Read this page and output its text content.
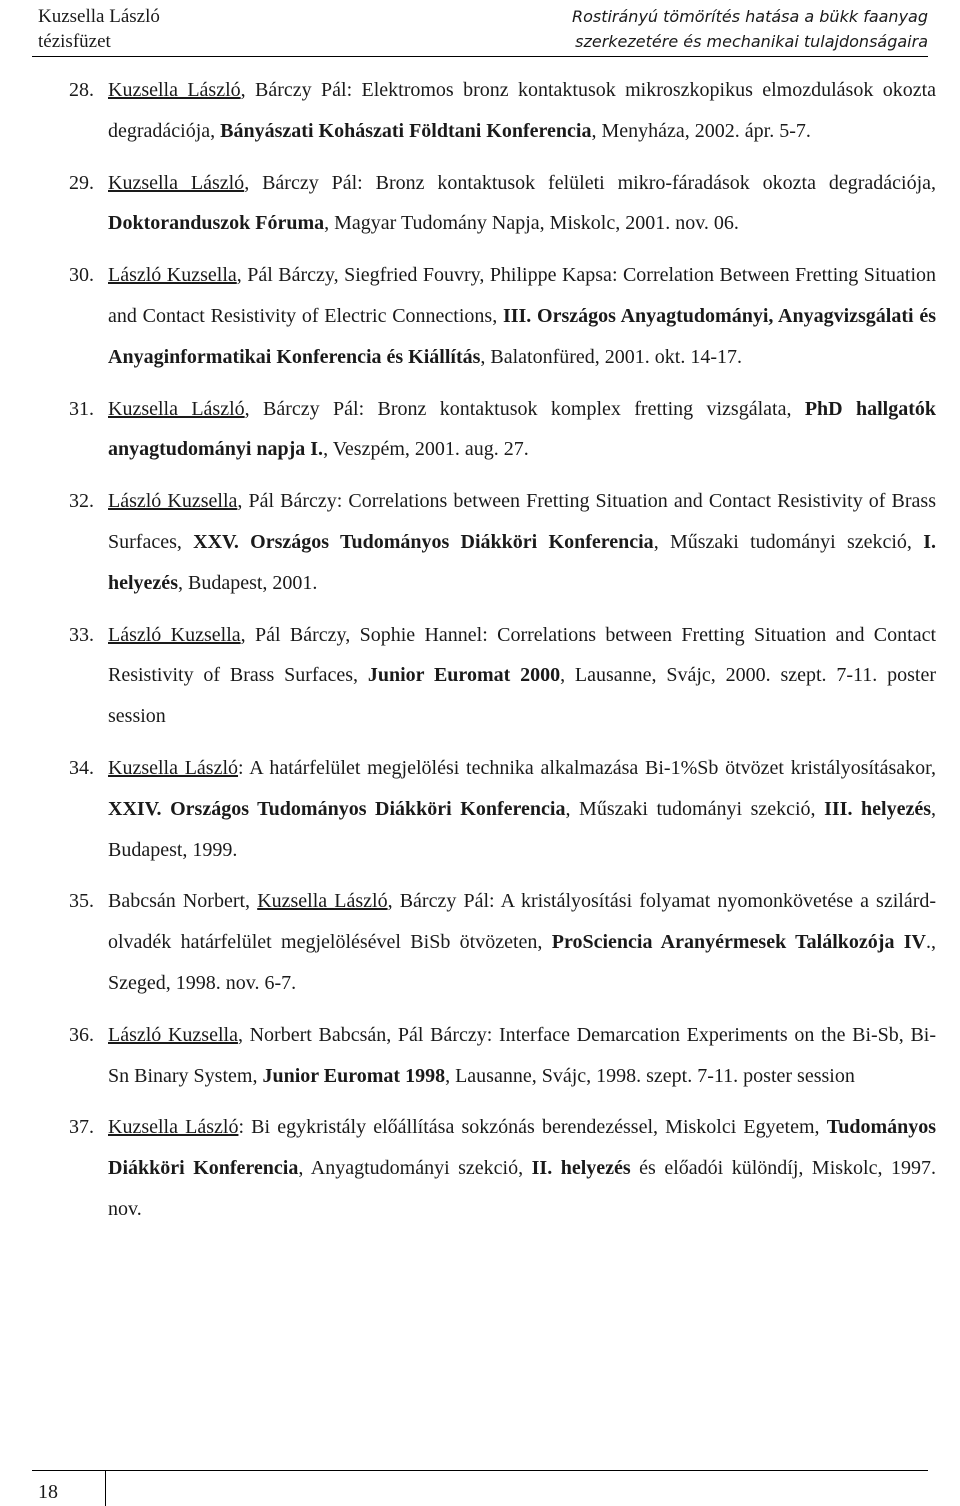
Kuzsella László
tézisfüzet
Rostirányú tömörítés hatása a bükk faanyag
szerkezetére és mechanikai tulajdonságaira
28. Kuzsella László, Bárczy Pál: Elektromos bronz kontaktusok mikroszkopikus elmozdulások okozta degradációja, Bányászati Kohászati Földtani Konferencia, Menyháza, 2002. ápr. 5-7.
29. Kuzsella László, Bárczy Pál: Bronz kontaktusok felületi mikro-fáradások okozta degradációja, Doktoranduszok Fóruma, Magyar Tudomány Napja, Miskolc, 2001. nov. 06.
30. László Kuzsella, Pál Bárczy, Siegfried Fouvry, Philippe Kapsa: Correlation Between Fretting Situation and Contact Resistivity of Electric Connections, III. Országos Anyagtudományi, Anyagvizsgálati és Anyaginformatikai Konferencia és Kiállítás, Balatonfüred, 2001. okt. 14-17.
31. Kuzsella László, Bárczy Pál: Bronz kontaktusok komplex fretting vizsgálata, PhD hallgatók anyagtudományi napja I., Veszpém, 2001. aug. 27.
32. László Kuzsella, Pál Bárczy: Correlations between Fretting Situation and Contact Resistivity of Brass Surfaces, XXV. Országos Tudományos Diákköri Konferencia, Műszaki tudományi szekció, I. helyezés, Budapest, 2001.
33. László Kuzsella, Pál Bárczy, Sophie Hannel: Correlations between Fretting Situation and Contact Resistivity of Brass Surfaces, Junior Euromat 2000, Lausanne, Svájc, 2000. szept. 7-11. poster session
34. Kuzsella László: A határfelület megjelölési technika alkalmazása Bi-1%Sb ötvözet kristályosításakor, XXIV. Országos Tudományos Diákköri Konferencia, Műszaki tudományi szekció, III. helyezés, Budapest, 1999.
35. Babcsán Norbert, Kuzsella László, Bárczy Pál: A kristályosítási folyamat nyomonkövetése a szilárd-olvadék határfelület megjelölésével BiSb ötvözeten, ProSciencia Aranyérmesek Találkozója IV., Szeged, 1998. nov. 6-7.
36. László Kuzsella, Norbert Babcsán, Pál Bárczy: Interface Demarcation Experiments on the Bi-Sb, Bi-Sn Binary System, Junior Euromat 1998, Lausanne, Svájc, 1998. szept. 7-11. poster session
37. Kuzsella László: Bi egykristály előállítása sokzónás berendezéssel, Miskolci Egyetem, Tudományos Diákköri Konferencia, Anyagtudományi szekció, II. helyezés és előadói különdíj, Miskolc, 1997. nov.
18
